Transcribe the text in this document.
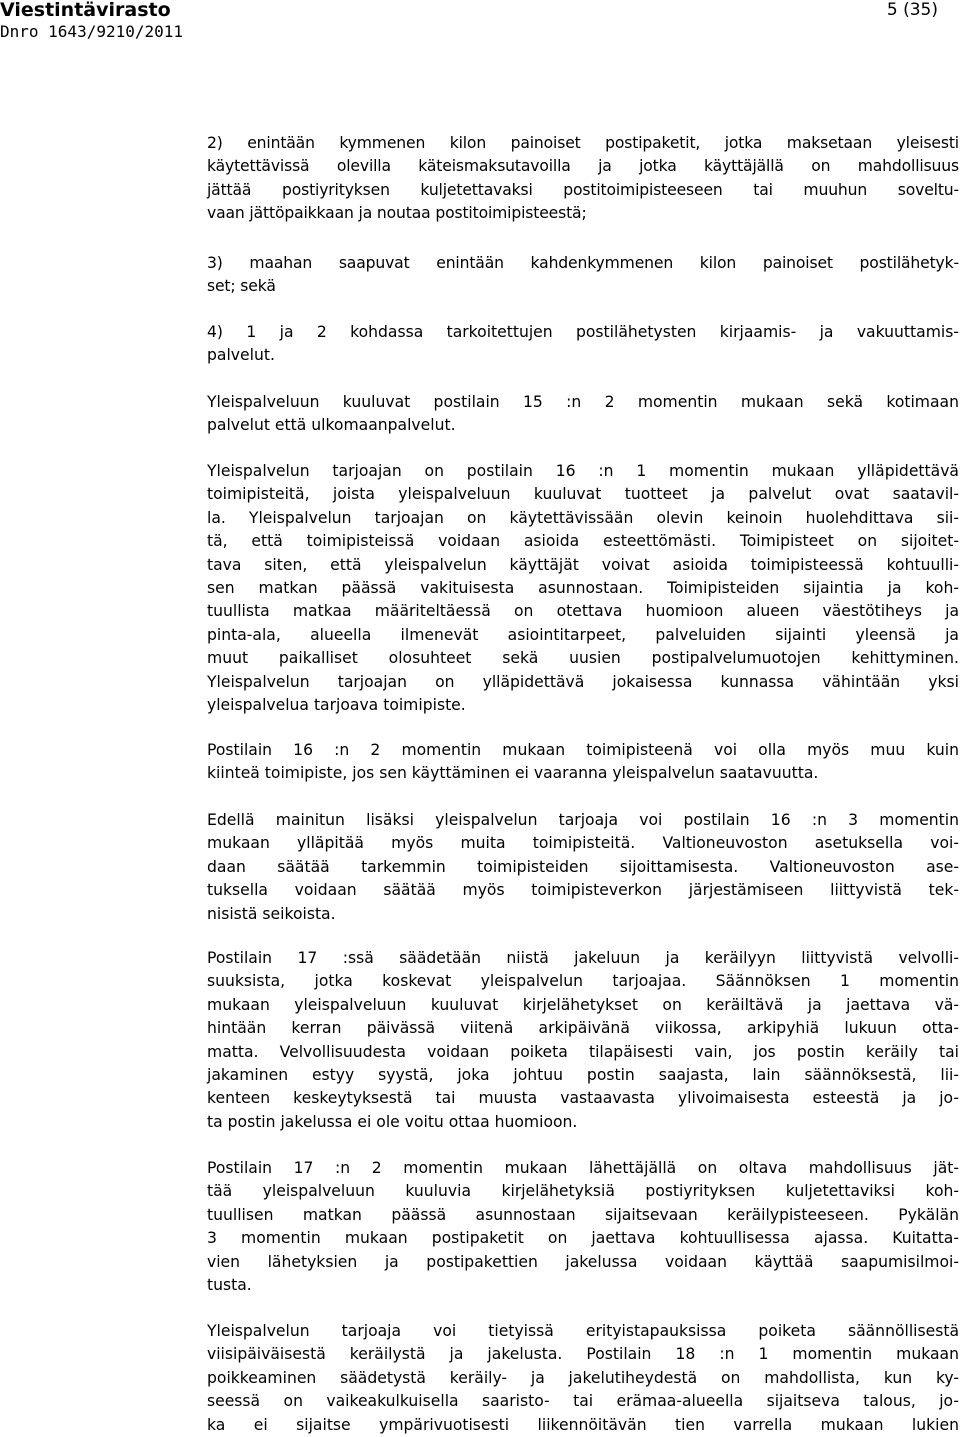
Viestintävirasto
Dnro 1643/9210/2011
5 (35)
2) enintään kymmenen kilon painoiset postipaketit, jotka maksetaan yleisesti
käytettävissä olevilla käteismaksutavoilla ja jotka käyttäjällä on mahdollisuus
jättää postiyrityksen kuljetettavaksi postitoimipisteeseen tai muuhun soveltu-
vaan jättöpaikkaan ja noutaa postitoimipisteestä;
3) maahan saapuvat enintään kahdenkymmenen kilon painoiset postilähetyk-
set; sekä
4) 1 ja 2 kohdassa tarkoitettujen postilähetysten kirjaamis- ja vakuuttamis-
palvelut.
Yleispalveluun kuuluvat postilain 15 :n 2 momentin mukaan sekä kotimaan
palvelut että ulkomaanpalvelut.
Yleispalvelun tarjoajan on postilain 16 :n 1 momentin mukaan ylläpidettävä
toimipisteitä, joista yleispalveluun kuuluvat tuotteet ja palvelut ovat saatavil-
la. Yleispalvelun tarjoajan on käytettävissään olevin keinoin huolehdittava sii-
tä, että toimipisteissä voidaan asioida esteettömästi. Toimipisteet on sijoitet-
tava siten, että yleispalvelun käyttäjät voivat asioida toimipisteessä kohtuulli-
sen matkan päässä vakituisesta asunnostaan. Toimipisteiden sijaintia ja koh-
tuullista matkaa määriteltäessä on otettava huomioon alueen väestötiheys ja
pinta-ala, alueella ilmenevät asiointitarpeet, palveluiden sijainti yleensä ja
muut paikalliset olosuhteet sekä uusien postipalvelumuotojen kehittyminen.
Yleispalvelun tarjoajan on ylläpidettävä jokaisessa kunnassa vähintään yksi
yleispalvelua tarjoava toimipiste.
Postilain 16 :n 2 momentin mukaan toimipisteenä voi olla myös muu kuin
kiinteä toimipiste, jos sen käyttäminen ei vaaranna yleispalvelun saatavuutta.
Edellä mainitun lisäksi yleispalvelun tarjoaja voi postilain 16 :n 3 momentin
mukaan ylläpitää myös muita toimipisteitä. Valtioneuvoston asetuksella voi-
daan säätää tarkemmin toimipisteiden sijoittamisesta. Valtioneuvoston ase-
tuksella voidaan säätää myös toimipisteverkon järjestämiseen liittyvistä tek-
nisistä seikoista.
Postilain 17 :ssä säädetään niistä jakeluun ja keräilyyn liittyvistä velvolli-
suuksista, jotka koskevat yleispalvelun tarjoajaa. Säännöksen 1 momentin
mukaan yleispalveluun kuuluvat kirjelähetykset on keräiltävä ja jaettava vä-
hintään kerran päivässä viitenä arkipäivänä viikossa, arkipyhiä lukuun otta-
matta. Velvollisuudesta voidaan poiketa tilapäisesti vain, jos postin keräily tai
jakaminen estyy syystä, joka johtuu postin saajasta, lain säännöksestä, lii-
kenteen keskeytyksestä tai muusta vastaavasta ylivoimaisesta esteestä ja jo-
ta postin jakelussa ei ole voitu ottaa huomioon.
Postilain 17 :n 2 momentin mukaan lähettäjällä on oltava mahdollisuus jät-
tää yleispalveluun kuuluvia kirjelähetyksiä postiyrityksen kuljetettaviksi koh-
tuullisen matkan päässä asunnostaan sijaitsevaan keräilypisteeseen. Pykälän
3 momentin mukaan postipaketit on jaettava kohtuullisessa ajassa. Kuitatta-
vien lähetyksien ja postipakettien jakelussa voidaan käyttää saapumisilmoi-
tusta.
Yleispalvelun tarjoaja voi tietyissä erityistapauksissa poiketa säännöllisestä
viisipäiväisestä keräilystä ja jakelusta. Postilain 18 :n 1 momentin mukaan
poikkeaminen säädetystä keräily- ja jakelutiheydestä on mahdollista, kun ky-
seessä on vaikeakulkuisella saaristo- tai erämaa-alueella sijaitseva talous, jo-
ka ei sijaitse ympärivuotisesti liikennöitävän tien varrella mukaan lukien
